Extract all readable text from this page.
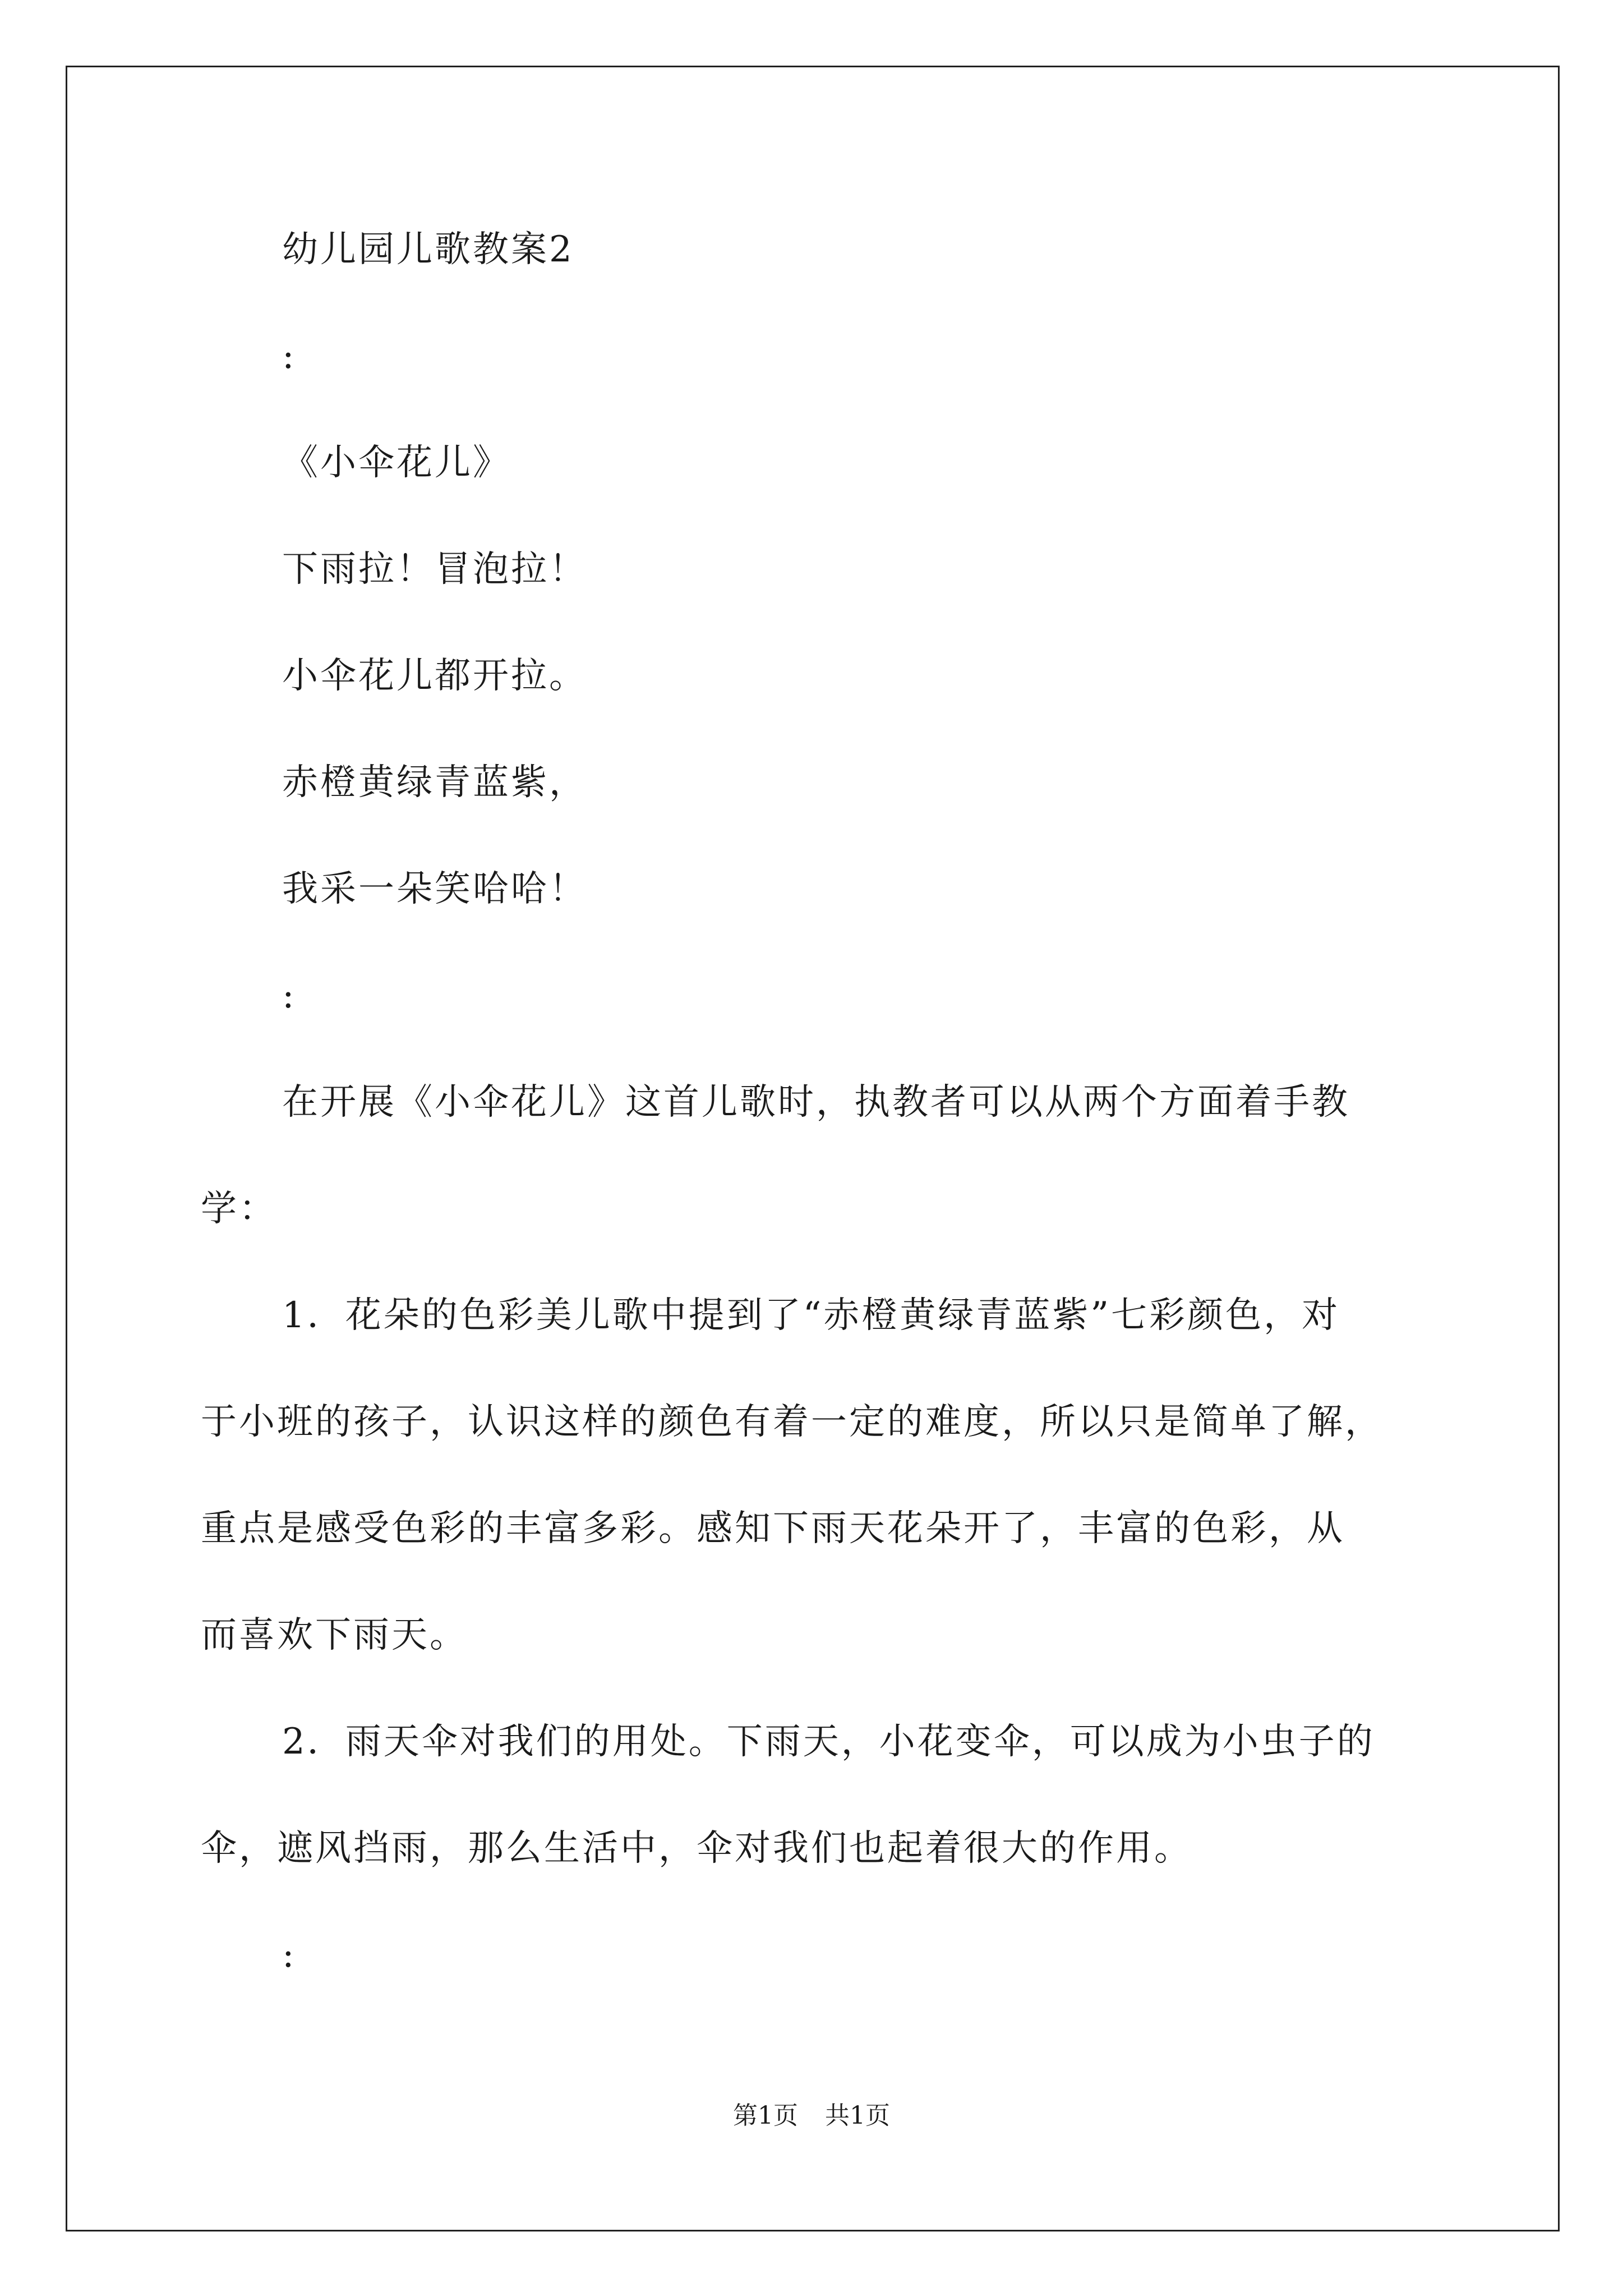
幼儿园儿歌教案2
:
《小伞花儿》
下雨拉！冒泡拉！
小伞花儿都开拉。
赤橙黄绿青蓝紫，
我采一朵笑哈哈！
:
在开展《小伞花儿》这首儿歌时，执教者可以从两个方面着手教
学：
1．花朵的色彩美儿歌中提到了“赤橙黄绿青蓝紫”七彩颜色，对
于小班的孩子，认识这样的颜色有着一定的难度，所以只是简单了解，
重点是感受色彩的丰富多彩。感知下雨天花朵开了，丰富的色彩，从
而喜欢下雨天。
2．雨天伞对我们的用处。下雨天，小花变伞，可以成为小虫子的
伞，遮风挡雨，那么生活中，伞对我们也起着很大的作用。
:
第1页 共1页
